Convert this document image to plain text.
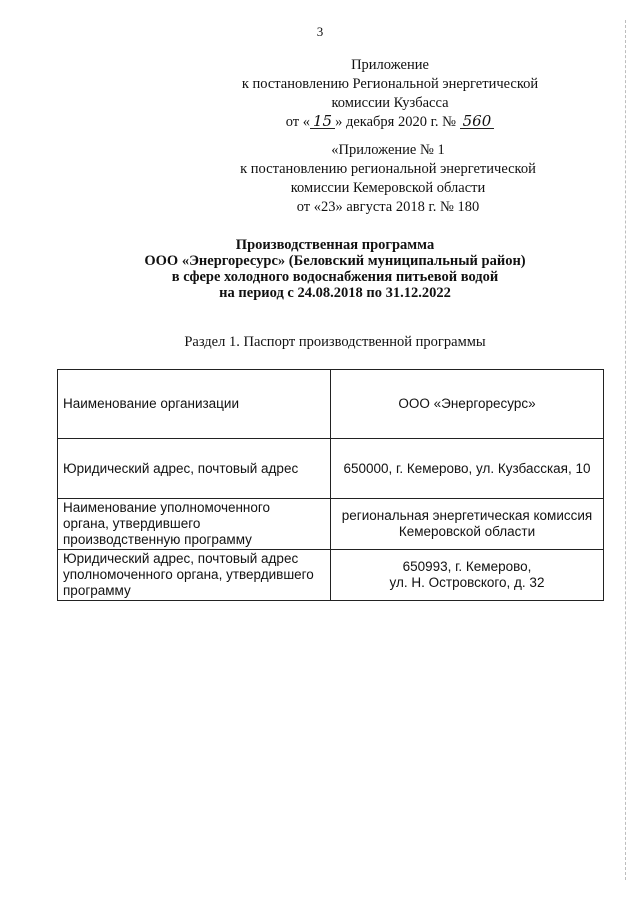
3
Приложение
к постановлению Региональной энергетической
комиссии Кузбасса
от « 15 » декабря 2020 г. № 560
«Приложение № 1
к постановлению региональной энергетической
комиссии Кемеровской области
от «23» августа 2018 г. № 180
Производственная программа
ООО «Энергоресурс» (Беловский муниципальный район)
в сфере холодного водоснабжения питьевой водой
на период с 24.08.2018 по 31.12.2022
Раздел 1. Паспорт производственной программы
Наименование организации	ООО «Энергоресурс»

Юридический адрес, почтовый адрес	650000, г. Кемерово, ул. Кузбасская, 10

Наименование уполномоченного
органа, утвердившего
производственную программу	региональная энергетическая комиссия
Кемеровской области

Юридический адрес, почтовый адрес
уполномоченного органа, утвердившего
программу	650993, г. Кемерово,
ул. Н. Островского, д. 32
